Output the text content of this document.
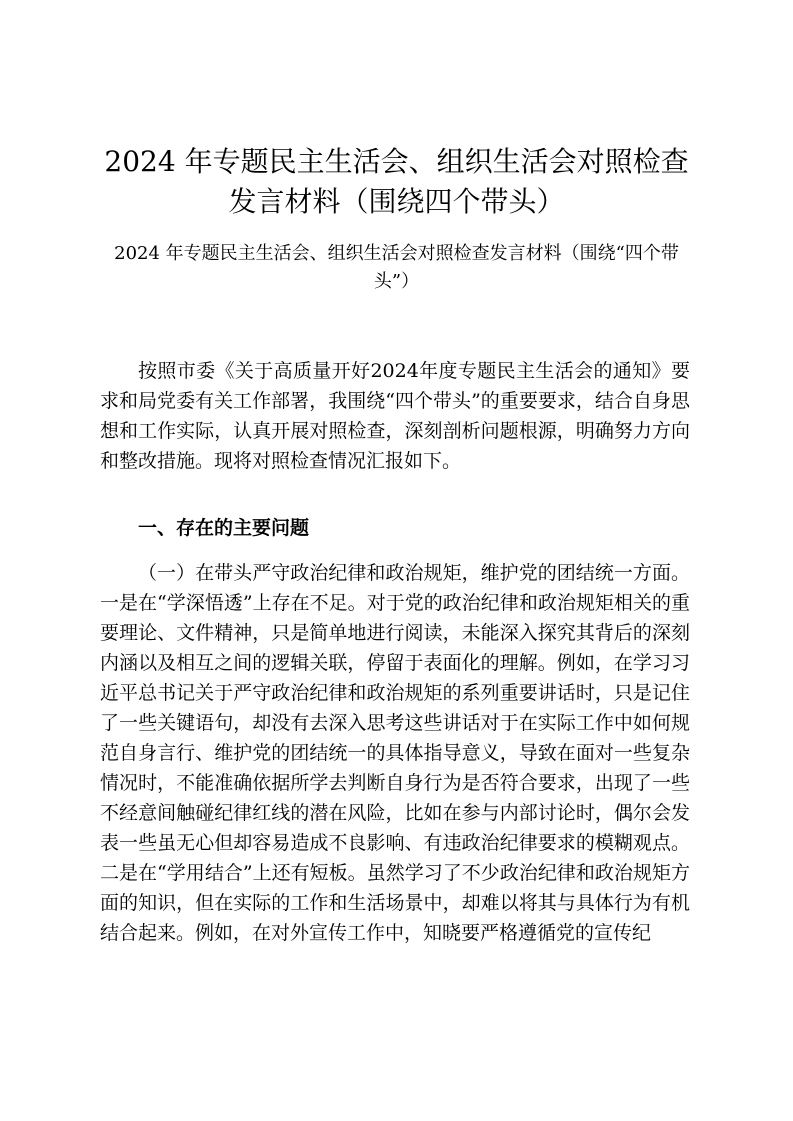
2024 年专题民主生活会、组织生活会对照检查发言材料（围绕四个带头）

2024 年专题民主生活会、组织生活会对照检查发言材料（围绕“四个带头”）

按照市委《关于高质量开好2024年度专题民主生活会的通知》要求和局党委有关工作部署，我围绕“四个带头”的重要要求，结合自身思想和工作实际，认真开展对照检查，深刻剖析问题根源，明确努力方向和整改措施。现将对照检查情况汇报如下。

一、存在的主要问题

（一）在带头严守政治纪律和政治规矩，维护党的团结统一方面。一是在“学深悟透”上存在不足。对于党的政治纪律和政治规矩相关的重要理论、文件精神，只是简单地进行阅读，未能深入探究其背后的深刻内涵以及相互之间的逻辑关联，停留于表面化的理解。例如，在学习习近平总书记关于严守政治纪律和政治规矩的系列重要讲话时，只是记住了一些关键语句，却没有去深入思考这些讲话对于在实际工作中如何规范自身言行、维护党的团结统一的具体指导意义，导致在面对一些复杂情况时，不能准确依据所学去判断自身行为是否符合要求，出现了一些不经意间触碰纪律红线的潜在风险，比如在参与内部讨论时，偶尔会发表一些虽无心但却容易造成不良影响、有违政治纪律要求的模糊观点。二是在“学用结合”上还有短板。虽然学习了不少政治纪律和政治规矩方面的知识，但在实际的工作和生活场景中，却难以将其与具体行为有机结合起来。例如，在对外宣传工作中，知晓要严格遵循党的宣传纪
